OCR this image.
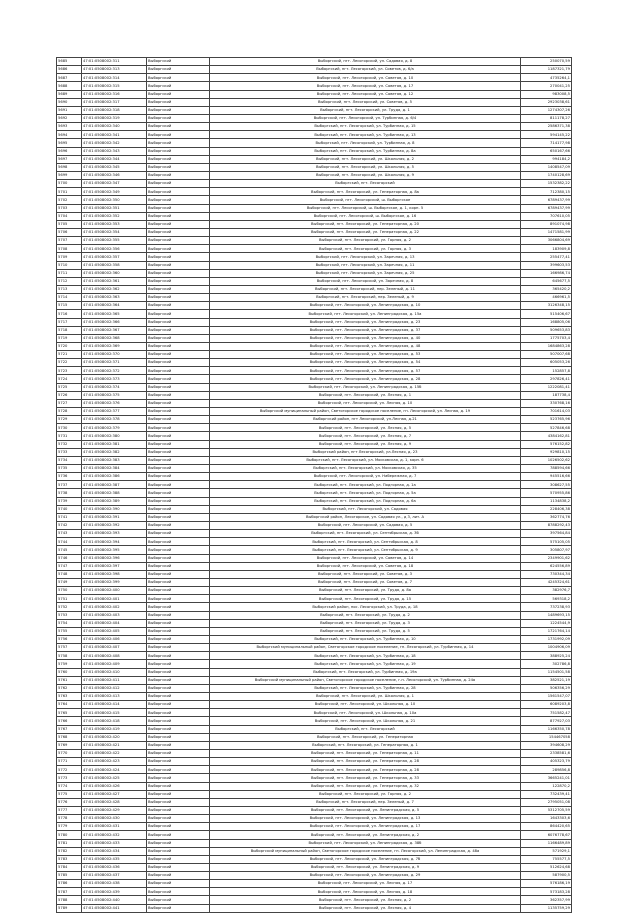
5685	47:01:0508002:311	Выборгский	Выборгский, пгт. Лесогорский, ул. Садовая, д. 8	250070,59
5686	47:01:0508002:313	Выборгский	Выборгский, пгт. Лесогорский, ул. Советов, д. 6/а	1187321,79
5687	47:01:0508002:314	Выборгский	Выборгский, пгт. Лесогорский, ул. Советов, д. 10	4735264,1
5688	47:01:0508002:315	Выборгский	Выборгский, пгт. Лесогорский, ул. Советов, д. 17	270041,25
5689	47:01:0508002:316	Выборгский	Выборгский, пгт. Лесогорский, ул. Советов, д. 12	983008,5
5690	47:01:0508002:317	Выборгский	Выборгский, пгт. Лесогорский, ул. Советов, д. 5	2923038,61
5691	47:01:0508002:318	Выборгский	Выборгский, пгт. Лесогорский, ул. Труда, д. 1	1274307,26
5692	47:01:0508002:319	Выборгский	Выборгский, пгт. Лесогорский, ул. Турбинная, д. 6/4	811178,27
5693	47:01:0508002:340	Выборгский	Выборгский, пгт. Лесогорский, ул. Турбинная, д. 15	2586371,38
5694	47:01:0508002:341	Выборгский	Выборгский, пгт. Лесогорский, ул. Турбинная, д. 13	594145,22
5695	47:01:0508002:342	Выборгский	Выборгский, пгт. Лесогорский, ул. Турбинная, д. 8	714177,98
5696	47:01:0508002:343	Выборгский	Выборгский, пгт. Лесогорский, ул. Турбинная, д. 8а	650167,66
5697	47:01:0508002:344	Выборгский	Выборгский, пгт. Лесогорский, ул. Школьная, д. 2	994184,2
5698	47:01:0508002:345	Выборгский	Выборгский, пгт. Лесогорский, ул. Школьная, д. 5	1408547,09
5699	47:01:0508002:346	Выборгский	Выборгский, пгт. Лесогорский, ул. Школьная, д. 9	1740128,69
5700	47:01:0508002:347	Выборгский	Выборгский, пгт. Лесогорский	1532382,22
5701	47:01:0508002:349	Выборгский	Выборгский, пгт. Лесогорский, ул. Генераторная, д. 8а	712380,15
5702	47:01:0508002:350	Выборгский	Выборгский, пгт. Лесогорский, ш. Выборгское	6789437,99
5703	47:01:0508002:351	Выборгский	Выборгский, пгт. Лесогорский, ш. Выборгское, д. 1, корп. 5	6789437,99
5704	47:01:0508002:352	Выборгский	Выборгский, пгт. Лесогорский, ш. Выборгское, д. 16	707610,05
5705	47:01:0508002:353	Выборгский	Выборгский, пгт. Лесогорский, ул. Генераторная, д. 20	891074,98
5706	47:01:0508002:354	Выборгский	Выборгский, пгт. Лесогорский, ул. Генераторная, д. 22	1471581,99
5707	47:01:0508002:355	Выборгский	Выборгский, пгт. Лесогорский, ул. Горная, д. 2	3066804,69
5708	47:01:0508002:356	Выборгский	Выборгский, пгт. Лесогорский, ул. Горная, д. 3	183909,8
5709	47:01:0508002:357	Выборгский	Выборгский, пгт. Лесогорский, ул. Заречная, д. 13	255477,41
5710	47:01:0508002:358	Выборгский	Выборгский, пгт. Лесогорский, ул. Заречная, д. 11	399603,53
5711	47:01:0508002:360	Выборгский	Выборгский, пгт. Лесогорский, ул. Заречная, д. 25	166986,74
5712	47:01:0508002:361	Выборгский	Выборгский, пгт. Лесогорский, ул. Заречная, д. 8	645677,5
5713	47:01:0508002:362	Выборгский	Выборгский, пгт. Лесогорский, пер. Зеленый, д. 11	365420,2
5714	47:01:0508002:363	Выборгский	Выборгский, пгт. Лесогорский, пер. Зеленый, д. 9	466961,5
5715	47:01:0508002:364	Выборгский	Выборгский, пгт. Лесогорский, ул. Ленинградская, д. 10	3126348,15
5716	47:01:0508002:365	Выборгский	Выборгский, пгт. Лесогорский, ул. Ленинградская, д. 15а	515406,67
5717	47:01:0508002:366	Выборгский	Выборгский, пгт. Лесогорский, ул. Ленинградская, д. 23	168805,06
5718	47:01:0508002:367	Выборгский	Выборгский, пгт. Лесогорский, ул. Ленинградская, д. 37	509653,83
5719	47:01:0508002:368	Выборгский	Выборгский, пгт. Лесогорский, ул. Ленинградская, д. 40	1775703,4
5720	47:01:0508002:369	Выборгский	Выборгский, пгт. Лесогорский, ул. Ленинградская, д. 48	1684863,28
5721	47:01:0508002:370	Выборгский	Выборгский, пгт. Лесогорский, ул. Ленинградская, д. 53	507007,68
5722	47:01:0508002:371	Выборгский	Выборгский, пгт. Лесогорский, ул. Ленинградская, д. 54	605053,26
5723	47:01:0508002:372	Выборгский	Выборгский, пгт. Лесогорский, ул. Ленинградская, д. 57	152857,8
5724	47:01:0508002:373	Выборгский	Выборгский, пгт. Лесогорский, ул. Ленинградская, д. 28	297826,41
5725	47:01:0508002:374	Выборгский	Выборгский, пгт. Лесогорский, ул. Ленинградская, д. 15б	1222081,41
5726	47:01:0508002:375	Выборгский	Выборгский, пгт. Лесогорский, ул. Лесная, д. 1	187738,4
5727	47:01:0508002:376	Выборгский	Выборгский, пгт. Лесогорский, ул. Лесная, д. 10	330768,16
5728	47:01:0508002:377	Выборгский	Выборгский муниципальный район, Светогорское городское поселение, гп. Лесогорский, ул. Лесная, д. 19	701614,03
5729	47:01:0508002:378	Выборгский	Выборгский район, пгт Лесогорский, ул.Лесная, д.21	523765,96
5730	47:01:0508002:379	Выборгский	Выборгский, пгт. Лесогорский, ул. Лесная, д. 5	527846,68
5731	47:01:0508002:380	Выборгский	Выборгский, пгт. Лесогорский, ул. Лесная, д. 7	4384162,81
5732	47:01:0508002:381	Выборгский	Выборгский, пгт. Лесогорский, ул. Лесная, д. 9	576152,82
5733	47:01:0508002:382	Выборгский	Выборгский район, пгт Лесогорский, ул.Лесная, д. 23	929810,15
5734	47:01:0508002:383	Выборгский	Выборгский, пгт. Лесогорский, ул. Московская, д. 1, корп. 6	1026502,62
5735	47:01:0508002:384	Выборгский	Выборгский, пгт. Лесогорский, ул. Московская, д. 35	788594,66
5736	47:01:0508002:386	Выборгский	Выборгский, пгт. Лесогорский, ул. Набережная, д. 7	945516,66
5737	47:01:0508002:387	Выборгский	Выборгский, пгт. Лесогорский, ул. Подгорная, д. 1а	308627,55
5738	47:01:0508002:388	Выборгский	Выборгский, пгт. Лесогорский, ул. Подгорная, д. 5а	570955,86
5739	47:01:0508002:389	Выборгский	Выборгский, пгт. Лесогорский, ул. Подгорная, д. 6а	1134838,2
5740	47:01:0508002:390	Выборгский	Выборгский, пгт. Лесогорский, ул. Садовая	228406,38
5741	47:01:0508002:391	Выборгский	Выборгский район, Лесогорское, ул. Садовая ул., д 3, лит. А	362774,76
5742	47:01:0508002:392	Выборгский	Выборгский, пгт. Лесогорский, ул. Садовая, д. 5	8788292,43
5743	47:01:0508002:393	Выборгский	Выборгский, пгт. Лесогорский, ул. Сентябрьская, д. 3б	397564,84
5744	47:01:0508002:394	Выборгский	Выборгский, пгт. Лесогорский, ул. Сентябрьская, д. 8	575105,05
5745	47:01:0508002:395	Выборгский	Выборгский, пгт. Лесогорский, ул. Сентябрьская, д. 9	305807,97
5746	47:01:0508002:396	Выборгский	Выборгский, пгт. Лесогорский, ул. Советов, д. 14	2349901,62
5747	47:01:0508002:397	Выборгский	Выборгский, пгт. Лесогорский, ул. Советов, д. 18	624556,89
5748	47:01:0508002:398	Выборгский	Выборгский, пгт. Лесогорский, ул. Советов, д. 3	730344,34
5749	47:01:0508002:399	Выборгский	Выборгский, пгт. Лесогорский, ул. Советов, д. 7	4245324,61
5750	47:01:0508002:400	Выборгский	Выборгский, пгт. Лесогорский, ул. Труда, д. 8а	382976,7
5751	47:01:0508002:401	Выборгский	Выборгский, пгт. Лесогорский, ул. Труда, д. 15	569318,2
5752	47:01:0508002:402	Выборгский	Выборгский район, пос. Лесогорский, ул. Труда, д. 18	737238,93
5753	47:01:0508002:403	Выборгский	Выборгский, пгт. Лесогорский, ул. Труда, д. 2	1489693,15
5754	47:01:0508002:404	Выборгский	Выборгский, пгт. Лесогорский, ул. Труда, д. 3	1224544,9
5755	47:01:0508002:405	Выборгский	Выборгский, пгт. Лесогорский, ул. Труда, д. 5	1721764,14
5756	47:01:0508002:406	Выборгский	Выборгский, пгт. Лесогорский, ул. Турбинная, д. 10	1731992,09
5757	47:01:0508002:407	Выборгский	Выборгский муниципальный район, Светогорское городское поселение, гп. Лесогорский, ул. Турбинная, д. 14	1004906,09
5758	47:01:0508002:408	Выборгский	Выборгский, пгт. Лесогорский, ул. Турбинная, д. 18	388925,24
5759	47:01:0508002:409	Выборгский	Выборгский, пгт. Лесогорский, ул. Турбинная, д. 19	302786,8
5760	47:01:0508002:410	Выборгский	Выборгский, пгт. Лесогорский, ул. Турбинная, д. 19а	1154501,58
5761	47:01:0508002:411	Выборгский	Выборгский муниципальный район, Светогорское городское поселение, г.п. Лесогорский, ул. Турбинная, д. 24а	382521,19
5762	47:01:0508002:412	Выборгский	Выборгский, пгт. Лесогорский, ул. Турбинная, д. 28	506356,29
5763	47:01:0508002:413	Выборгский	Выборгский, пгт. Лесогорский, ул. Школьная, д. 1	1561547,07
5764	47:01:0508002:414	Выборгский	Выборгский, пгт. Лесогорский, ул. Школьная, д. 10	6089203,8
5765	47:01:0508002:415	Выборгский	Выборгский, пгт. Лесогорский, ул. Школьная, д. 10а	751582,47
5766	47:01:0508002:418	Выборгский	Выборгский, пгт. Лесогорский, ул. Школьная, д. 21	877927,03
5767	47:01:0508002:419	Выборгский	Выборгский, пгт. Лесогорский	1166350,78
5768	47:01:0508002:420	Выборгский	Выборгский, пгт. Лесогорский, ул. Генераторная	154467058
5769	47:01:0508002:421	Выборгский	Выборгский, пгт. Лесогорский, ул. Генераторная, д. 1	394608,29
5770	47:01:0508002:422	Выборгский	Выборгский, пгт. Лесогорский, ул. Генераторная, д. 11	2338581,6
5771	47:01:0508002:423	Выборгский	Выборгский, пгт. Лесогорский, ул. Генераторная, д. 28	405323,79
5772	47:01:0508002:424	Выборгский	Выборгский, пгт. Лесогорский, ул. Генераторная, д. 28	289856,8
5773	47:01:0508002:425	Выборгский	Выборгский, пгт. Лесогорский, ул. Генераторная, д. 33	3665241,01
5774	47:01:0508002:426	Выборгский	Выборгский, пгт. Лесогорский, ул. Генераторная, д. 32	122870,2
5775	47:01:0508002:427	Выборгский	Выборгский, пгт. Лесогорский, ул. Горная, д. 2	732439,41
5776	47:01:0508002:428	Выборгский	Выборгский, пгт. Лесогорский, пер. Зеленый, д. 7	2795051,08
5777	47:01:0508002:429	Выборгский	Выборгский, пгт. Лесогорский, ул. Ленинградская, д. 5	5312705,59
5778	47:01:0508002:430	Выборгский	Выборгский, пгт. Лесогорский, ул. Ленинградская, д. 13	1643303,6
5779	47:01:0508002:431	Выборгский	Выборгский, пгт. Лесогорский, ул. Ленинградская, д. 17	864420,65
5780	47:01:0508002:432	Выборгский	Выборгский, пгт. Лесогорский, ул. Ленинградская, д. 2	6076778,67
5781	47:01:0508002:433	Выборгский	Выборгский, пгт. Лесогорский, ул. Ленинградская, д. 38б	1166489,89
5782	47:01:0508002:434	Выборгский	Выборгский муниципальный район, Светогорское городское поселение, гп. Лесогорский, ул. Ленинградская, д. 48а	571929,1
5783	47:01:0508002:435	Выборгский	Выборгский, пгт. Лесогорский, ул. Ленинградская, д. 7б	755577,5
5784	47:01:0508002:436	Выборгский	Выборгский, пгт. Лесогорский, ул. Ленинградская, д. 9	512624,68
5785	47:01:0508002:437	Выборгский	Выборгский, пгт. Лесогорский, ул. Ленинградская, д. 29	587900,5
5786	47:01:0508002:438	Выборгский	Выборгский, пгт. Лесогорский, ул. Лесная, д. 17	576186,19
5787	47:01:0508002:439	Выборгский	Выборгский, пгт. Лесогорский, ул. Лесная, д. 18	573183,28
5788	47:01:0508002:440	Выборгский	Выборгский, пгт. Лесогорский, ул. Лесная, д. 2	362357,99
5789	47:01:0508002:441	Выборгский	Выборгский, пгт. Лесогорский, ул. Лесная, д. 4	1135759,29
